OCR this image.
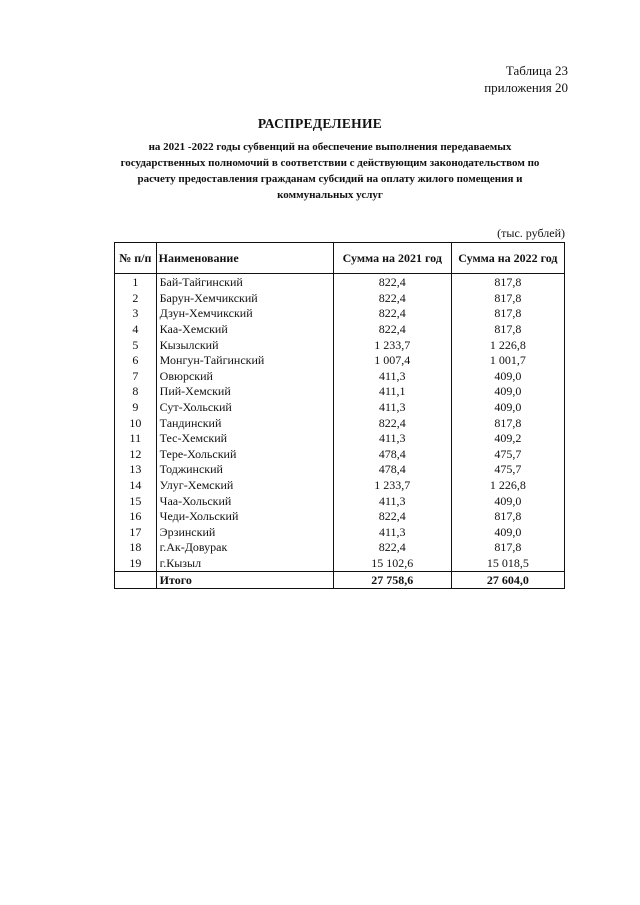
Таблица 23
приложения 20
РАСПРЕДЕЛЕНИЕ
на 2021 -2022 годы субвенций на обеспечение выполнения передаваемых
государственных полномочий в соответствии с действующим законодательством по
расчету предоставления гражданам субсидий на оплату жилого помещения и
коммунальных услуг
(тыс. рублей)
№ п/п	Наименование	Сумма на 2021 год	Сумма на 2022 год
1	Бай-Тайгинский	822,4	817,8
2	Барун-Хемчикский	822,4	817,8
3	Дзун-Хемчикский	822,4	817,8
4	Каа-Хемский	822,4	817,8
5	Кызылский	1 233,7	1 226,8
6	Монгун-Тайгинский	1 007,4	1 001,7
7	Овюрский	411,3	409,0
8	Пий-Хемский	411,1	409,0
9	Сут-Хольский	411,3	409,0
10	Тандинский	822,4	817,8
11	Тес-Хемский	411,3	409,2
12	Тере-Хольский	478,4	475,7
13	Тоджинский	478,4	475,7
14	Улуг-Хемский	1 233,7	1 226,8
15	Чаа-Хольский	411,3	409,0
16	Чеди-Хольский	822,4	817,8
17	Эрзинский	411,3	409,0
18	г.Ак-Довурак	822,4	817,8
19	г.Кызыл	15 102,6	15 018,5
	Итого	27 758,6	27 604,0
